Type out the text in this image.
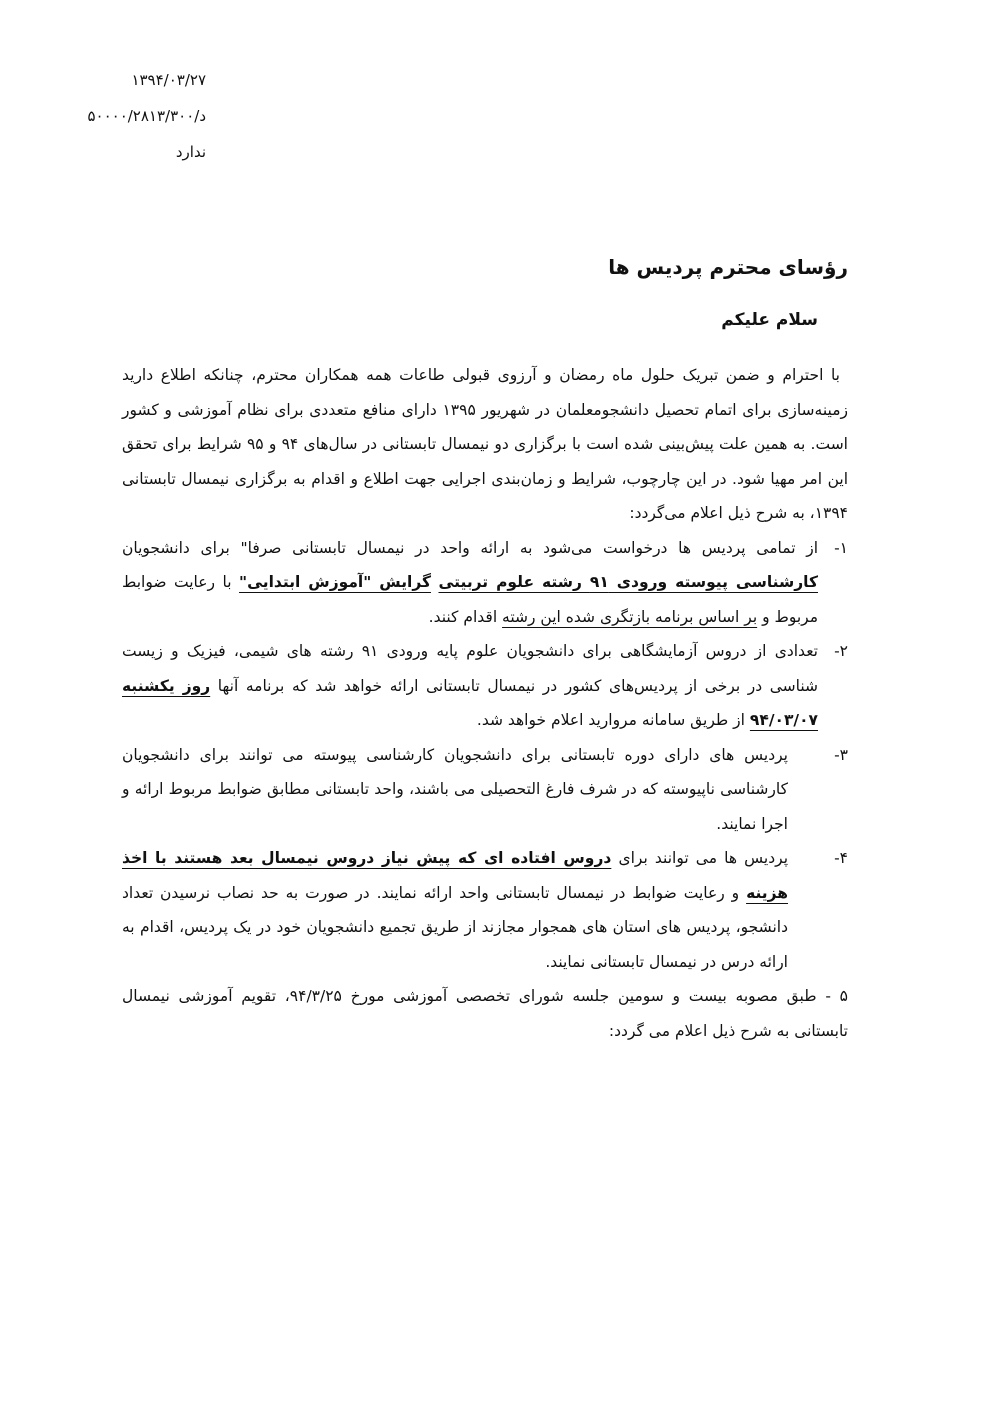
۱۳۹۴/۰۳/۲۷
د/۵۰۰۰۰/۲۸۱۳/۳۰۰
ندارد
رؤسای محترم پردیس ها
سلام علیکم

با احترام و ضمن تبریک حلول ماه رمضان و آرزوی قبولی طاعات همه همکاران محترم، چنانکه اطلاع دارید زمینه‌سازی برای اتمام تحصیل دانشجومعلمان در شهریور ۱۳۹۵ دارای منافع متعددی برای نظام آموزشی و کشور است. به همین علت پیش‌بینی شده است با برگزاری دو نیمسال تابستانی در سال‌های ۹۴ و ۹۵ شرایط برای تحقق این امر مهیا شود. در این چارچوب، شرایط و زمان‌بندی اجرایی جهت اطلاع و اقدام به برگزاری نیمسال تابستانی ۱۳۹۴، به شرح ذیل اعلام می‌گردد:

۱-
از تمامی پردیس ها درخواست می‌شود به ارائه واحد در نیمسال تابستانی صرفا" برای دانشجویان کارشناسی پیوسته ورودی ۹۱ رشته علوم تربیتی گرایش "آموزش ابتدایی" با رعایت ضوابط مربوط و بر اساس برنامه بازتگری شده این رشته اقدام کنند.
۲-
تعدادی از دروس آزمایشگاهی برای دانشجویان علوم پایه ورودی ۹۱ رشته های شیمی، فیزیک و زیست شناسی در برخی از پردیس‌های کشور در نیمسال تابستانی ارائه خواهد شد که برنامه آنها روز یکشنبه ۹۴/۰۳/۰۷ از طریق سامانه مروارید اعلام خواهد شد.
۳-
پردیس های دارای دوره تابستانی برای دانشجویان کارشناسی پیوسته می توانند برای دانشجویان کارشناسی ناپیوسته که در شرف فارغ التحصیلی می باشند، واحد تابستانی مطابق ضوابط مربوط ارائه و اجرا نمایند.
۴-
پردیس ها می توانند برای دروس افتاده ای که پیش نیاز دروس نیمسال بعد هستند با اخذ هزینه و رعایت ضوابط در نیمسال تابستانی واحد ارائه نمایند. در صورت به حد نصاب نرسیدن تعداد دانشجو، پردیس های استان های همجوار مجازند از طریق تجمیع دانشجویان خود در یک پردیس، اقدام به ارائه درس در نیمسال تابستانی نمایند.
۵ - طبق مصوبه بیست و سومین جلسه شورای تخصصی آموزشی مورخ ۹۴/۳/۲۵، تقویم آموزشی نیمسال تابستانی به شرح ذیل اعلام می گردد:
